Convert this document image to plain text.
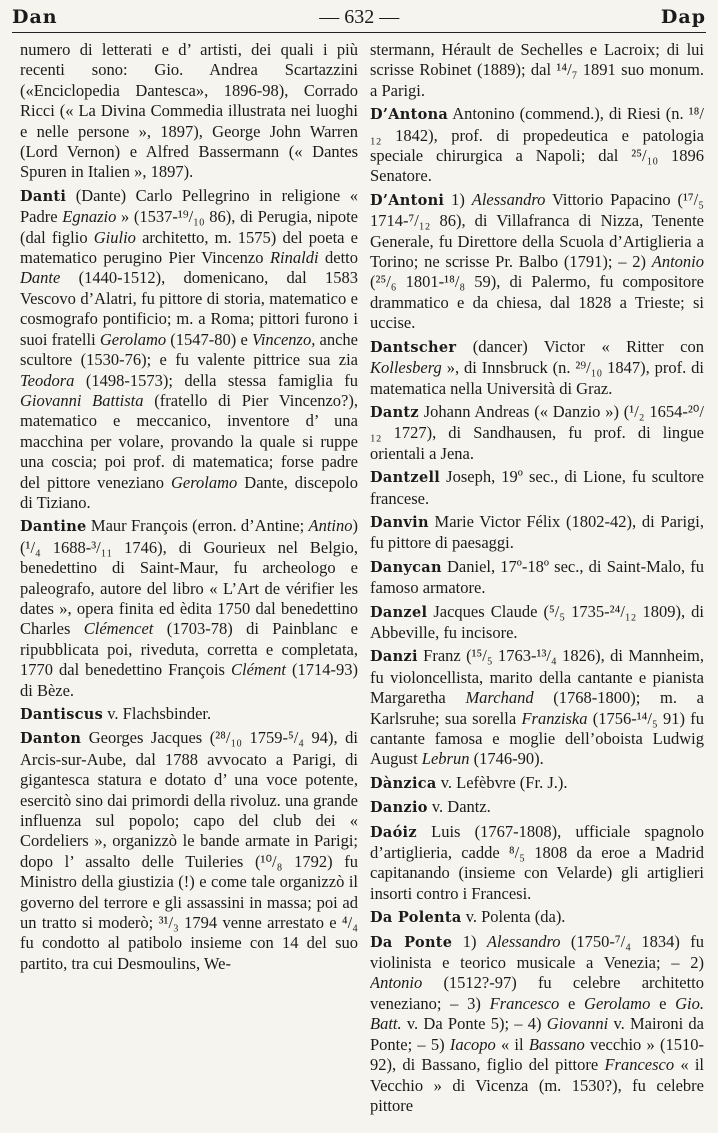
Dan	— 632 —	Dap

numero di letterati e d’ artisti, dei quali i più recenti sono: Gio. Andrea Scartazzini («Enciclopedia Dantesca», 1896-98), Corrado Ricci (« La Divina Commedia illustrata nei luoghi e nelle persone », 1897), George John Warren (Lord Vernon) e Alfred Bassermann (« Dantes Spuren in Italien », 1897).

Danti (Dante) Carlo Pellegrino in religione « Padre Egnazio » (1537-¹⁹/₁₀ 86), di Perugia, nipote (dal figlio Giulio architetto, m. 1575) del poeta e matematico perugino Pier Vincenzo Rinaldi detto Dante (1440-1512), domenicano, dal 1583 Vescovo d’Alatri, fu pittore di storia, matematico e cosmografo pontificio; m. a Roma; pittori furono i suoi fratelli Gerolamo (1547-80) e Vincenzo, anche scultore (1530-76); e fu valente pittrice sua zia Teodora (1498-1573); della stessa famiglia fu Giovanni Battista (fratello di Pier Vincenzo?), matematico e meccanico, inventore d’ una macchina per volare, provando la quale si ruppe una coscia; poi prof. di matematica; forse padre del pittore veneziano Gerolamo Dante, discepolo di Tiziano.

Dantine Maur François (erron. d’Antine; Antino) (¹/₄ 1688-³/₁₁ 1746), di Gourieux nel Belgio, benedettino di Saint-Maur, fu archeologo e paleografo, autore del libro « L’Art de vérifier les dates », opera finita ed èdita 1750 dal benedettino Charles Clémencet (1703-78) di Painblanc e ripubblicata poi, riveduta, corretta e completata, 1770 dal benedettino François Clément (1714-93) di Bèze.

Dantiscus v. Flachsbinder.

Danton Georges Jacques (²⁸/₁₀ 1759-⁵/₄ 94), di Arcis-sur-Aube, dal 1788 avvocato a Parigi, di gigantesca statura e dotato d’ una voce potente, esercitò sino dai primordi della rivoluz. una grande influenza sul popolo; capo del club dei « Cordeliers », organizzò le bande armate in Parigi; dopo l’ assalto delle Tuileries (¹⁰/₈ 1792) fu Ministro della giustizia (!) e come tale organizzò il governo del terrore e gli assassini in massa; poi ad un tratto si moderò; ³¹/₃ 1794 venne arrestato e ⁴/₄ fu condotto al patibolo insieme con 14 del suo partito, tra cui Desmoulins, We-

stermann, Hérault de Sechelles e Lacroix; di lui scrisse Robinet (1889); dal ¹⁴/₇ 1891 suo monum. a Parigi.

D’Antona Antonino (commend.), di Riesi (n. ¹⁸/₁₂ 1842), prof. di propedeutica e patologia speciale chirurgica a Napoli; dal ²⁵/₁₀ 1896 Senatore.

D’Antoni 1) Alessandro Vittorio Papacino (¹⁷/₅ 1714-⁷/₁₂ 86), di Villafranca di Nizza, Tenente Generale, fu Direttore della Scuola d’Artiglieria a Torino; ne scrisse Pr. Balbo (1791); – 2) Antonio (²⁵/₆ 1801-¹⁸/₈ 59), di Palermo, fu compositore drammatico e da chiesa, dal 1828 a Trieste; si uccise.

Dantscher (dancer) Victor « Ritter con Kollesberg », di Innsbruck (n. ²⁹/₁₀ 1847), prof. di matematica nella Università di Graz.

Dantz Johann Andreas (« Danzio ») (¹/₂ 1654-²⁰/₁₂ 1727), di Sandhausen, fu prof. di lingue orientali a Jena.

Dantzell Joseph, 19º sec., di Lione, fu scultore francese.

Danvin Marie Victor Félix (1802-42), di Parigi, fu pittore di paesaggi.

Danycan Daniel, 17º-18º sec., di Saint-Malo, fu famoso armatore.

Danzel Jacques Claude (⁵/₅ 1735-²⁴/₁₂ 1809), di Abbeville, fu incisore.

Danzi Franz (¹⁵/₅ 1763-¹³/₄ 1826), di Mannheim, fu violoncellista, marito della cantante e pianista Margaretha Marchand (1768-1800); m. a Karlsruhe; sua sorella Franziska (1756-¹⁴/₅ 91) fu cantante famosa e moglie dell’oboista Ludwig August Lebrun (1746-90).

Dànzica v. Lefèbvre (Fr. J.).

Danzio v. Dantz.

Daóiz Luis (1767-1808), ufficiale spagnolo d’artiglieria, cadde ⁸/₅ 1808 da eroe a Madrid capitanando (insieme con Velarde) gli artiglieri insorti contro i Francesi.

Da Polenta v. Polenta (da).

Da Ponte 1) Alessandro (1750-⁷/₄ 1834) fu violinista e teorico musicale a Venezia; – 2) Antonio (1512?-97) fu celebre architetto veneziano; – 3) Francesco e Gerolamo e Gio. Batt. v. Da Ponte 5); – 4) Giovanni v. Maironi da Ponte; – 5) Iacopo « il Bassano vecchio » (1510-92), di Bassano, figlio del pittore Francesco « il Vecchio » di Vicenza (m. 1530?), fu celebre pittore
